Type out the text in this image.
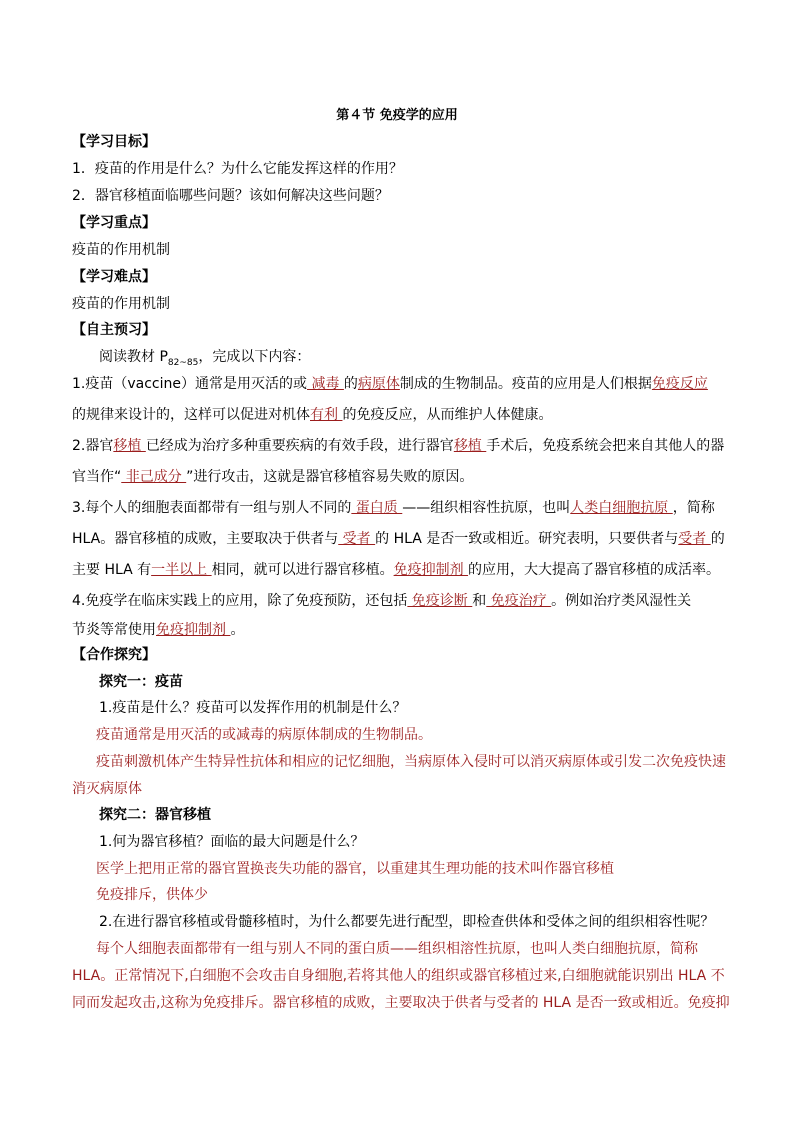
第４节 免疫学的应用
【学习目标】
1．疫苗的作用是什么？为什么它能发挥这样的作用？
2．器官移植面临哪些问题？该如何解决这些问题？
【学习重点】
疫苗的作用机制
【学习难点】
疫苗的作用机制
【自主预习】
阅读教材 $P_{82\sim 85}$，完成以下内容：
1.疫苗（vaccine）通常是用灭活的或 减毒 的病原体制成的生物制品。疫苗的应用是人们根据免疫反应
的规律来设计的，这样可以促进对机体有利 的免疫反应，从而维护人体健康。
2.器官移植 已经成为治疗多种重要疾病的有效手段，进行器官移植 手术后，免疫系统会把来自其他人的器
官当作“ 非己成分 ”进行攻击，这就是器官移植容易失败的原因。
3.每个人的细胞表面都带有一组与别人不同的 蛋白质 ——组织相容性抗原，也叫人类白细胞抗原 ，简称
HLA。器官移植的成败，主要取决于供者与 受者 的 HLA 是否一致或相近。研究表明，只要供者与受者 的
主要 HLA 有一半以上 相同，就可以进行器官移植。免疫抑制剂 的应用，大大提高了器官移植的成活率。
4.免疫学在临床实践上的应用，除了免疫预防，还包括 免疫诊断 和 免疫治疗 。例如治疗类风湿性关
节炎等常使用免疫抑制剂 。
【合作探究】
探究一：疫苗
1.疫苗是什么？疫苗可以发挥作用的机制是什么？
疫苗通常是用灭活的或减毒的病原体制成的生物制品。
疫苗刺激机体产生特异性抗体和相应的记忆细胞，当病原体入侵时可以消灭病原体或引发二次免疫快速
消灭病原体
探究二：器官移植
1.何为器官移植？面临的最大问题是什么？
医学上把用正常的器官置换丧失功能的器官，以重建其生理功能的技术叫作器官移植
免疫排斥，供体少
2.在进行器官移植或骨髓移植时，为什么都要先进行配型，即检查供体和受体之间的组织相容性呢？
每个人细胞表面都带有一组与别人不同的蛋白质——组织相溶性抗原，也叫人类白细胞抗原，简称
HLA。正常情况下,白细胞不会攻击自身细胞,若将其他人的组织或器官移植过来,白细胞就能识别出 HLA 不
同而发起攻击,这称为免疫排斥。器官移植的成败，主要取决于供者与受者的 HLA 是否一致或相近。免疫抑
